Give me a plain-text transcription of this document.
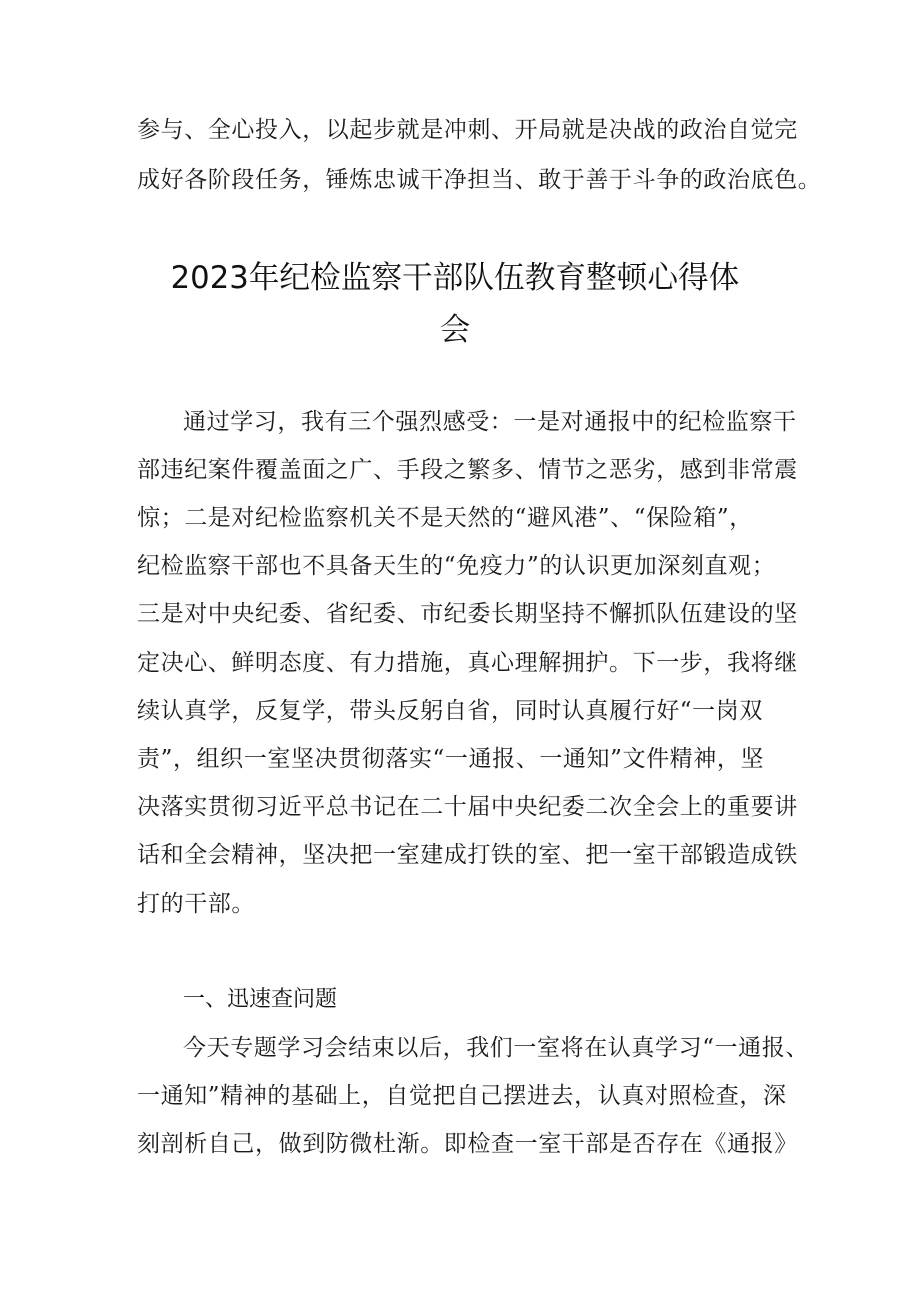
参与、全心投入，以起步就是冲刺、开局就是决战的政治自觉完
成好各阶段任务，锤炼忠诚干净担当、敢于善于斗争的政治底色。
2023年纪检监察干部队伍教育整顿心得体
会
通过学习，我有三个强烈感受：一是对通报中的纪检监察干
部违纪案件覆盖面之广、手段之繁多、情节之恶劣，感到非常震
惊；二是对纪检监察机关不是天然的“避风港”、“保险箱”，
纪检监察干部也不具备天生的“免疫力”的认识更加深刻直观；
三是对中央纪委、省纪委、市纪委长期坚持不懈抓队伍建设的坚
定决心、鲜明态度、有力措施，真心理解拥护。下一步，我将继
续认真学，反复学，带头反躬自省，同时认真履行好“一岗双
责”，组织一室坚决贯彻落实“一通报、一通知”文件精神，坚
决落实贯彻习近平总书记在二十届中央纪委二次全会上的重要讲
话和全会精神，坚决把一室建成打铁的室、把一室干部锻造成铁
打的干部。
一、迅速查问题
今天专题学习会结束以后，我们一室将在认真学习“一通报、
一通知”精神的基础上，自觉把自己摆进去，认真对照检查，深
刻剖析自己，做到防微杜渐。即检查一室干部是否存在《通报》
